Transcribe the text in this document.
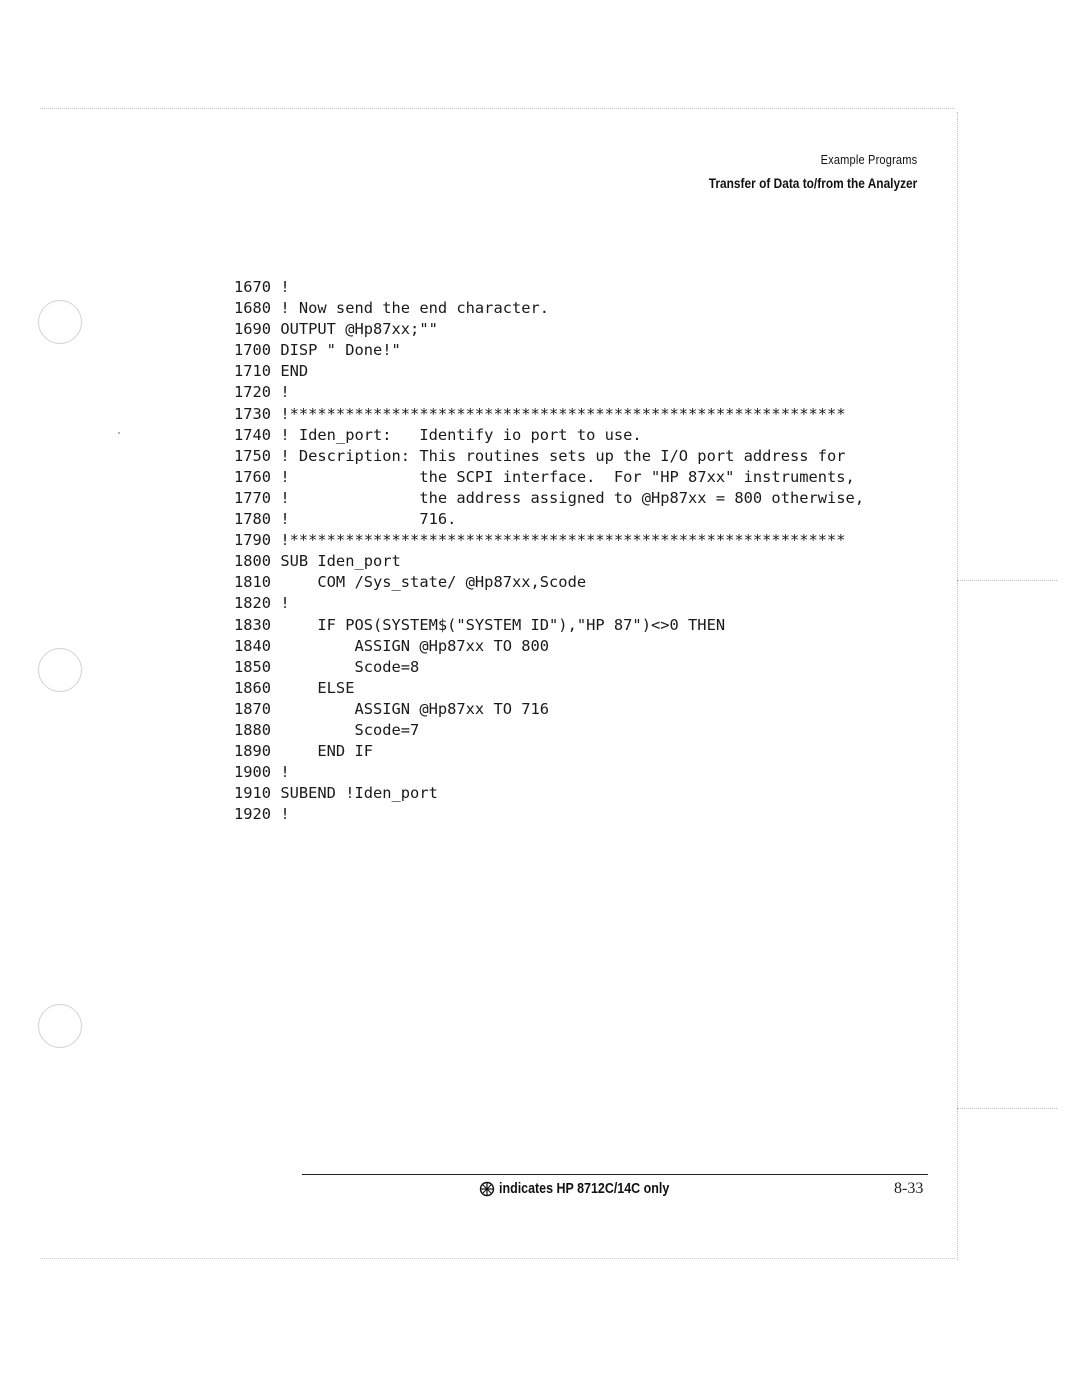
Example Programs
Transfer of Data to/from the Analyzer
1670 !
1680 ! Now send the end character.
1690 OUTPUT @Hp87xx;""
1700 DISP " Done!"
1710 END
1720 !
1730 !************************************************************
1740 ! Iden_port:   Identify io port to use.
1750 ! Description: This routines sets up the I/O port address for
1760 !              the SCPI interface.  For "HP 87xx" instruments,
1770 !              the address assigned to @Hp87xx = 800 otherwise,
1780 !              716.
1790 !************************************************************
1800 SUB Iden_port
1810     COM /Sys_state/ @Hp87xx,Scode
1820 !
1830     IF POS(SYSTEM$("SYSTEM ID"),"HP 87")<>0 THEN
1840         ASSIGN @Hp87xx TO 800
1850         Scode=8
1860     ELSE
1870         ASSIGN @Hp87xx TO 716
1880         Scode=7
1890     END IF
1900 !
1910 SUBEND !Iden_port
1920 !
indicates HP 8712C/14C only	8-33
